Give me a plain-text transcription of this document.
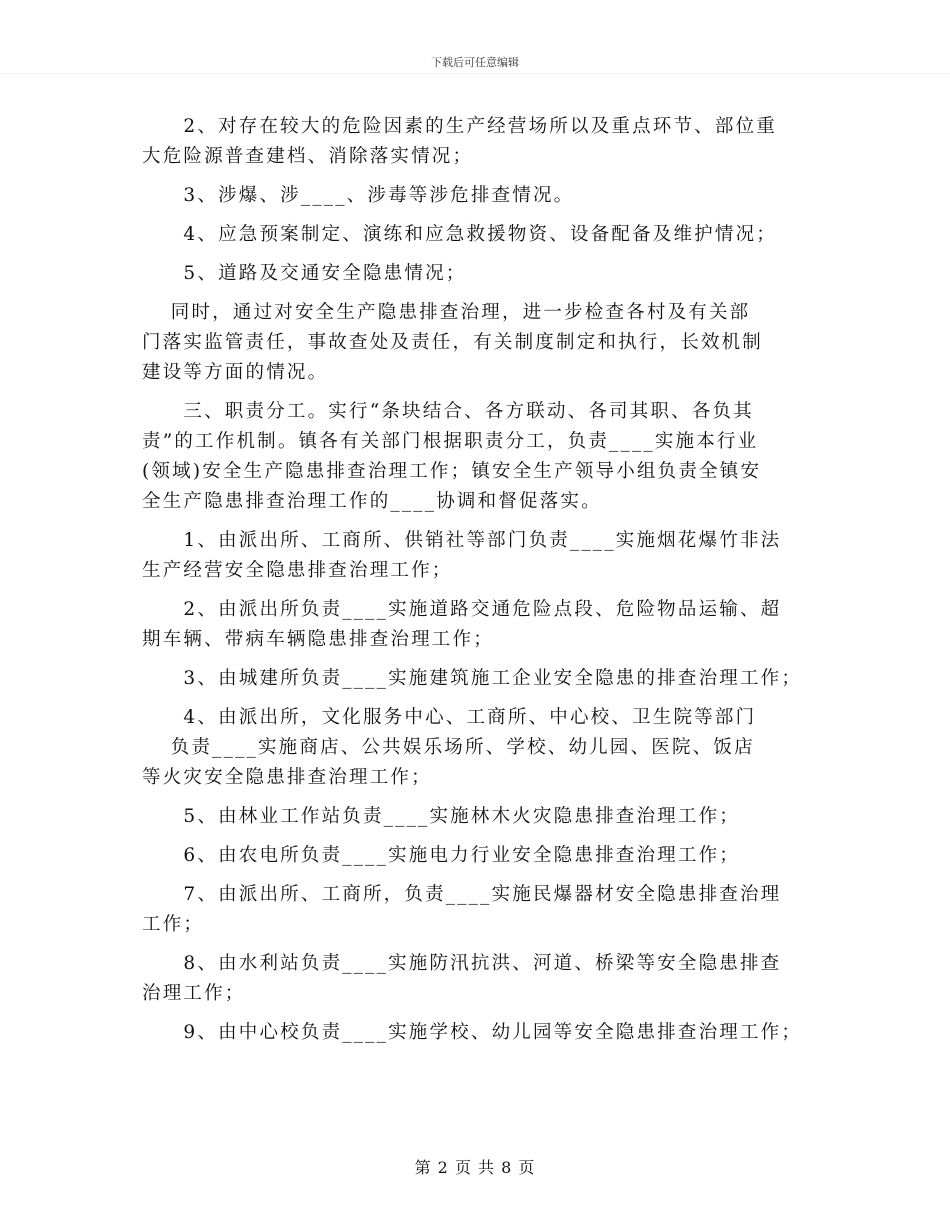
下载后可任意编辑
　　2、对存在较大的危险因素的生产经营场所以及重点环节、部位重
大危险源普查建档、消除落实情况；
　　3、涉爆、涉____、涉毒等涉危排查情况。
　　4、应急预案制定、演练和应急救援物资、设备配备及维护情况；
　　5、道路及交通安全隐患情况；
　 同时，通过对安全生产隐患排查治理，进一步检查各村及有关部
门落实监管责任，事故查处及责任，有关制度制定和执行，长效机制
建设等方面的情况。
　　三、职责分工。实行“条块结合、各方联动、各司其职、各负其
责”的工作机制。镇各有关部门根据职责分工，负责____实施本行业
(领域)安全生产隐患排查治理工作；镇安全生产领导小组负责全镇安
全生产隐患排查治理工作的____协调和督促落实。
　　1、由派出所、工商所、供销社等部门负责____实施烟花爆竹非法
生产经营安全隐患排查治理工作；
　　2、由派出所负责____实施道路交通危险点段、危险物品运输、超
期车辆、带病车辆隐患排查治理工作；
　　3、由城建所负责____实施建筑施工企业安全隐患的排查治理工作；
　　4、由派出所，文化服务中心、工商所、中心校、卫生院等部门
　 负责____实施商店、公共娱乐场所、学校、幼儿园、医院、饭店
等火灾安全隐患排查治理工作；
　　5、由林业工作站负责____实施林木火灾隐患排查治理工作；
　　6、由农电所负责____实施电力行业安全隐患排查治理工作；
　　7、由派出所、工商所，负责____实施民爆器材安全隐患排查治理
工作；
　　8、由水利站负责____实施防汛抗洪、河道、桥梁等安全隐患排查
治理工作；
　　9、由中心校负责____实施学校、幼儿园等安全隐患排查治理工作；
第 2 页 共 8 页
